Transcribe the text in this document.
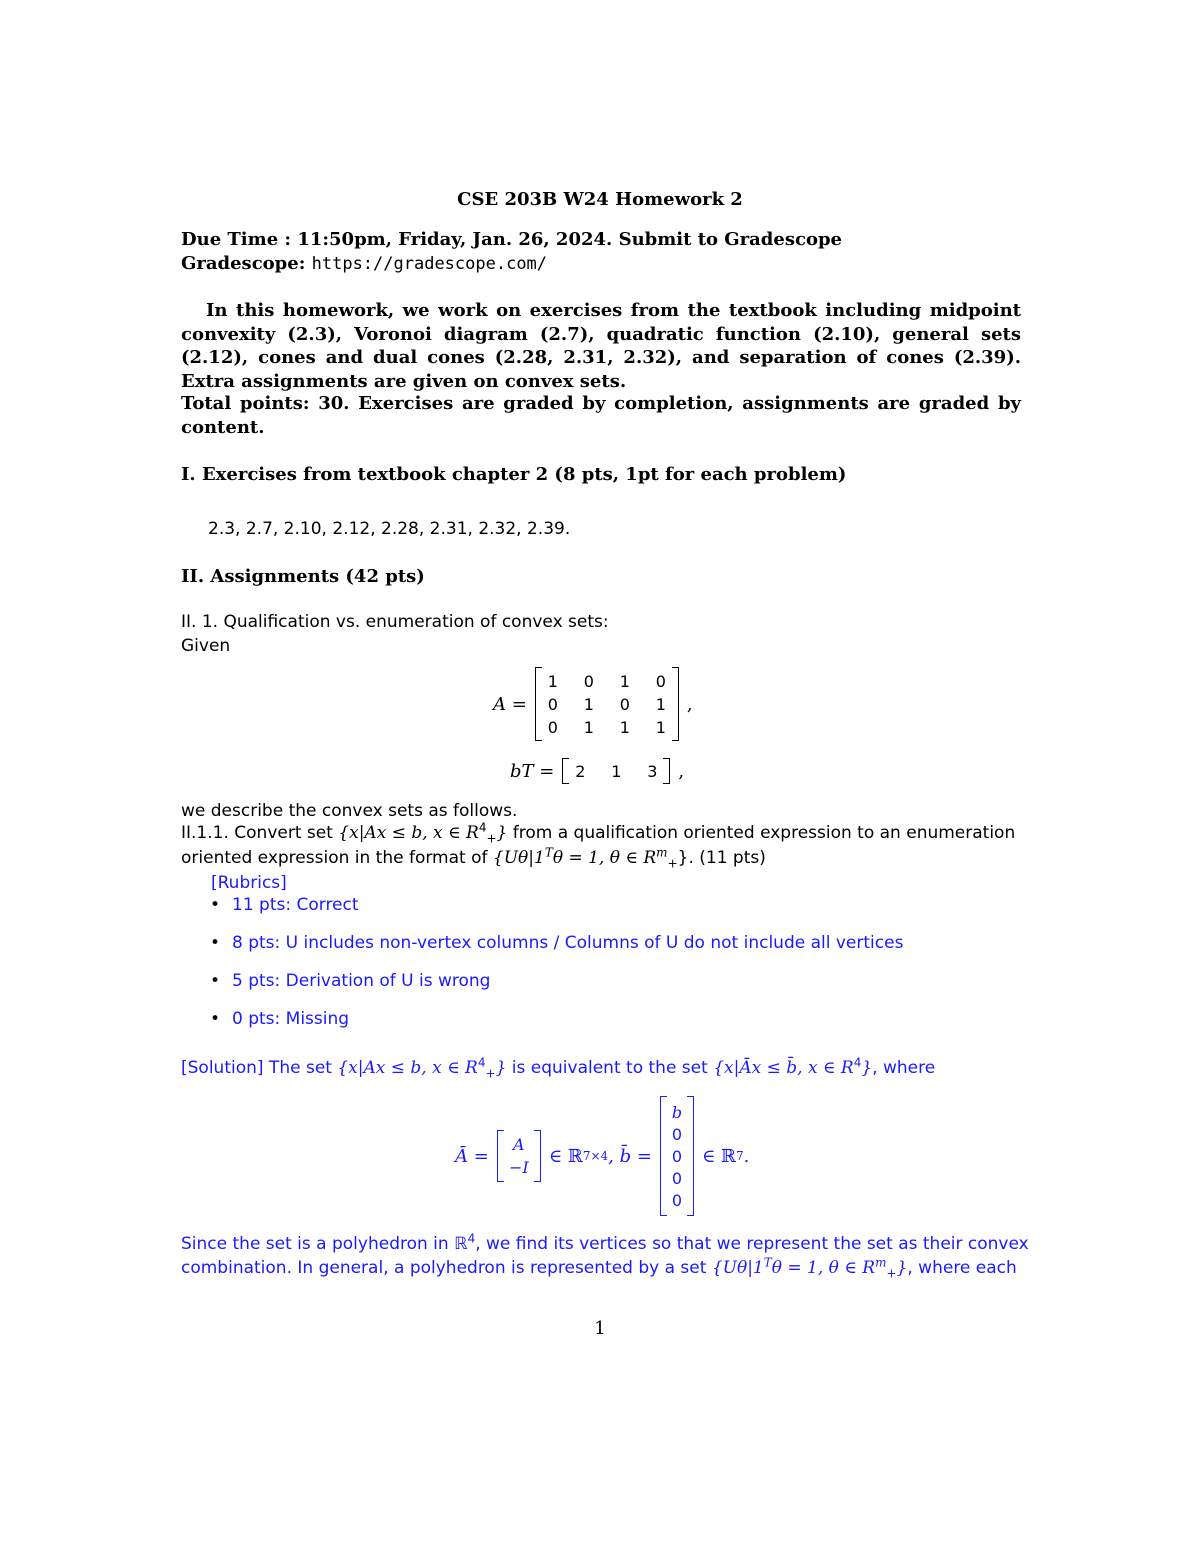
CSE 203B W24 Homework 2
Due Time : 11:50pm, Friday, Jan. 26, 2024. Submit to Gradescope
Gradescope: https://gradescope.com/

In this homework, we work on exercises from the textbook including midpoint convexity (2.3), Voronoi diagram (2.7), quadratic function (2.10), general sets (2.12), cones and dual cones (2.28, 2.31, 2.32), and separation of cones (2.39). Extra assignments are given on convex sets.

Total points: 30. Exercises are graded by completion, assignments are graded by content.

I. Exercises from textbook chapter 2 (8 pts, 1pt for each problem)
2.3, 2.7, 2.10, 2.12, 2.28, 2.31, 2.32, 2.39.
II. Assignments (42 pts)
II. 1. Qualification vs. enumeration of convex sets:
Given
A =
1 0 1 0
0 1 0 1
0 1 1 1
,
bT = 2 1 3 ,
we describe the convex sets as follows.
II.1.1. Convert set {x|Ax ≤ b, x ∈ $R^4_+$} from a qualification oriented expression to an enumeration
oriented expression in the format of {$U\theta|1^T\theta = 1$, θ ∈ $R^m_+$}. (11 pts)
[Rubrics]
• 11 pts: Correct
• 8 pts: U includes non-vertex columns / Columns of U do not include all vertices
• 5 pts: Derivation of U is wrong
• 0 pts: Missing
[Solution] The set {x|Ax ≤ b, x ∈ $R^4_+$} is equivalent to the set {x|Āx ≤ b̄, x ∈ $R^4$}, where
Ā =
A
−I
∈ ℝ 7×4 , b̄ =
b
0
0
0
0
∈ ℝ 7 .
Since the set is a polyhedron in ℝ$^4$, we find its vertices so that we represent the set as their convex
combination. In general, a polyhedron is represented by a set {$U\theta|1^T\theta = 1$, θ ∈ $R^m_+$}, where each
1
